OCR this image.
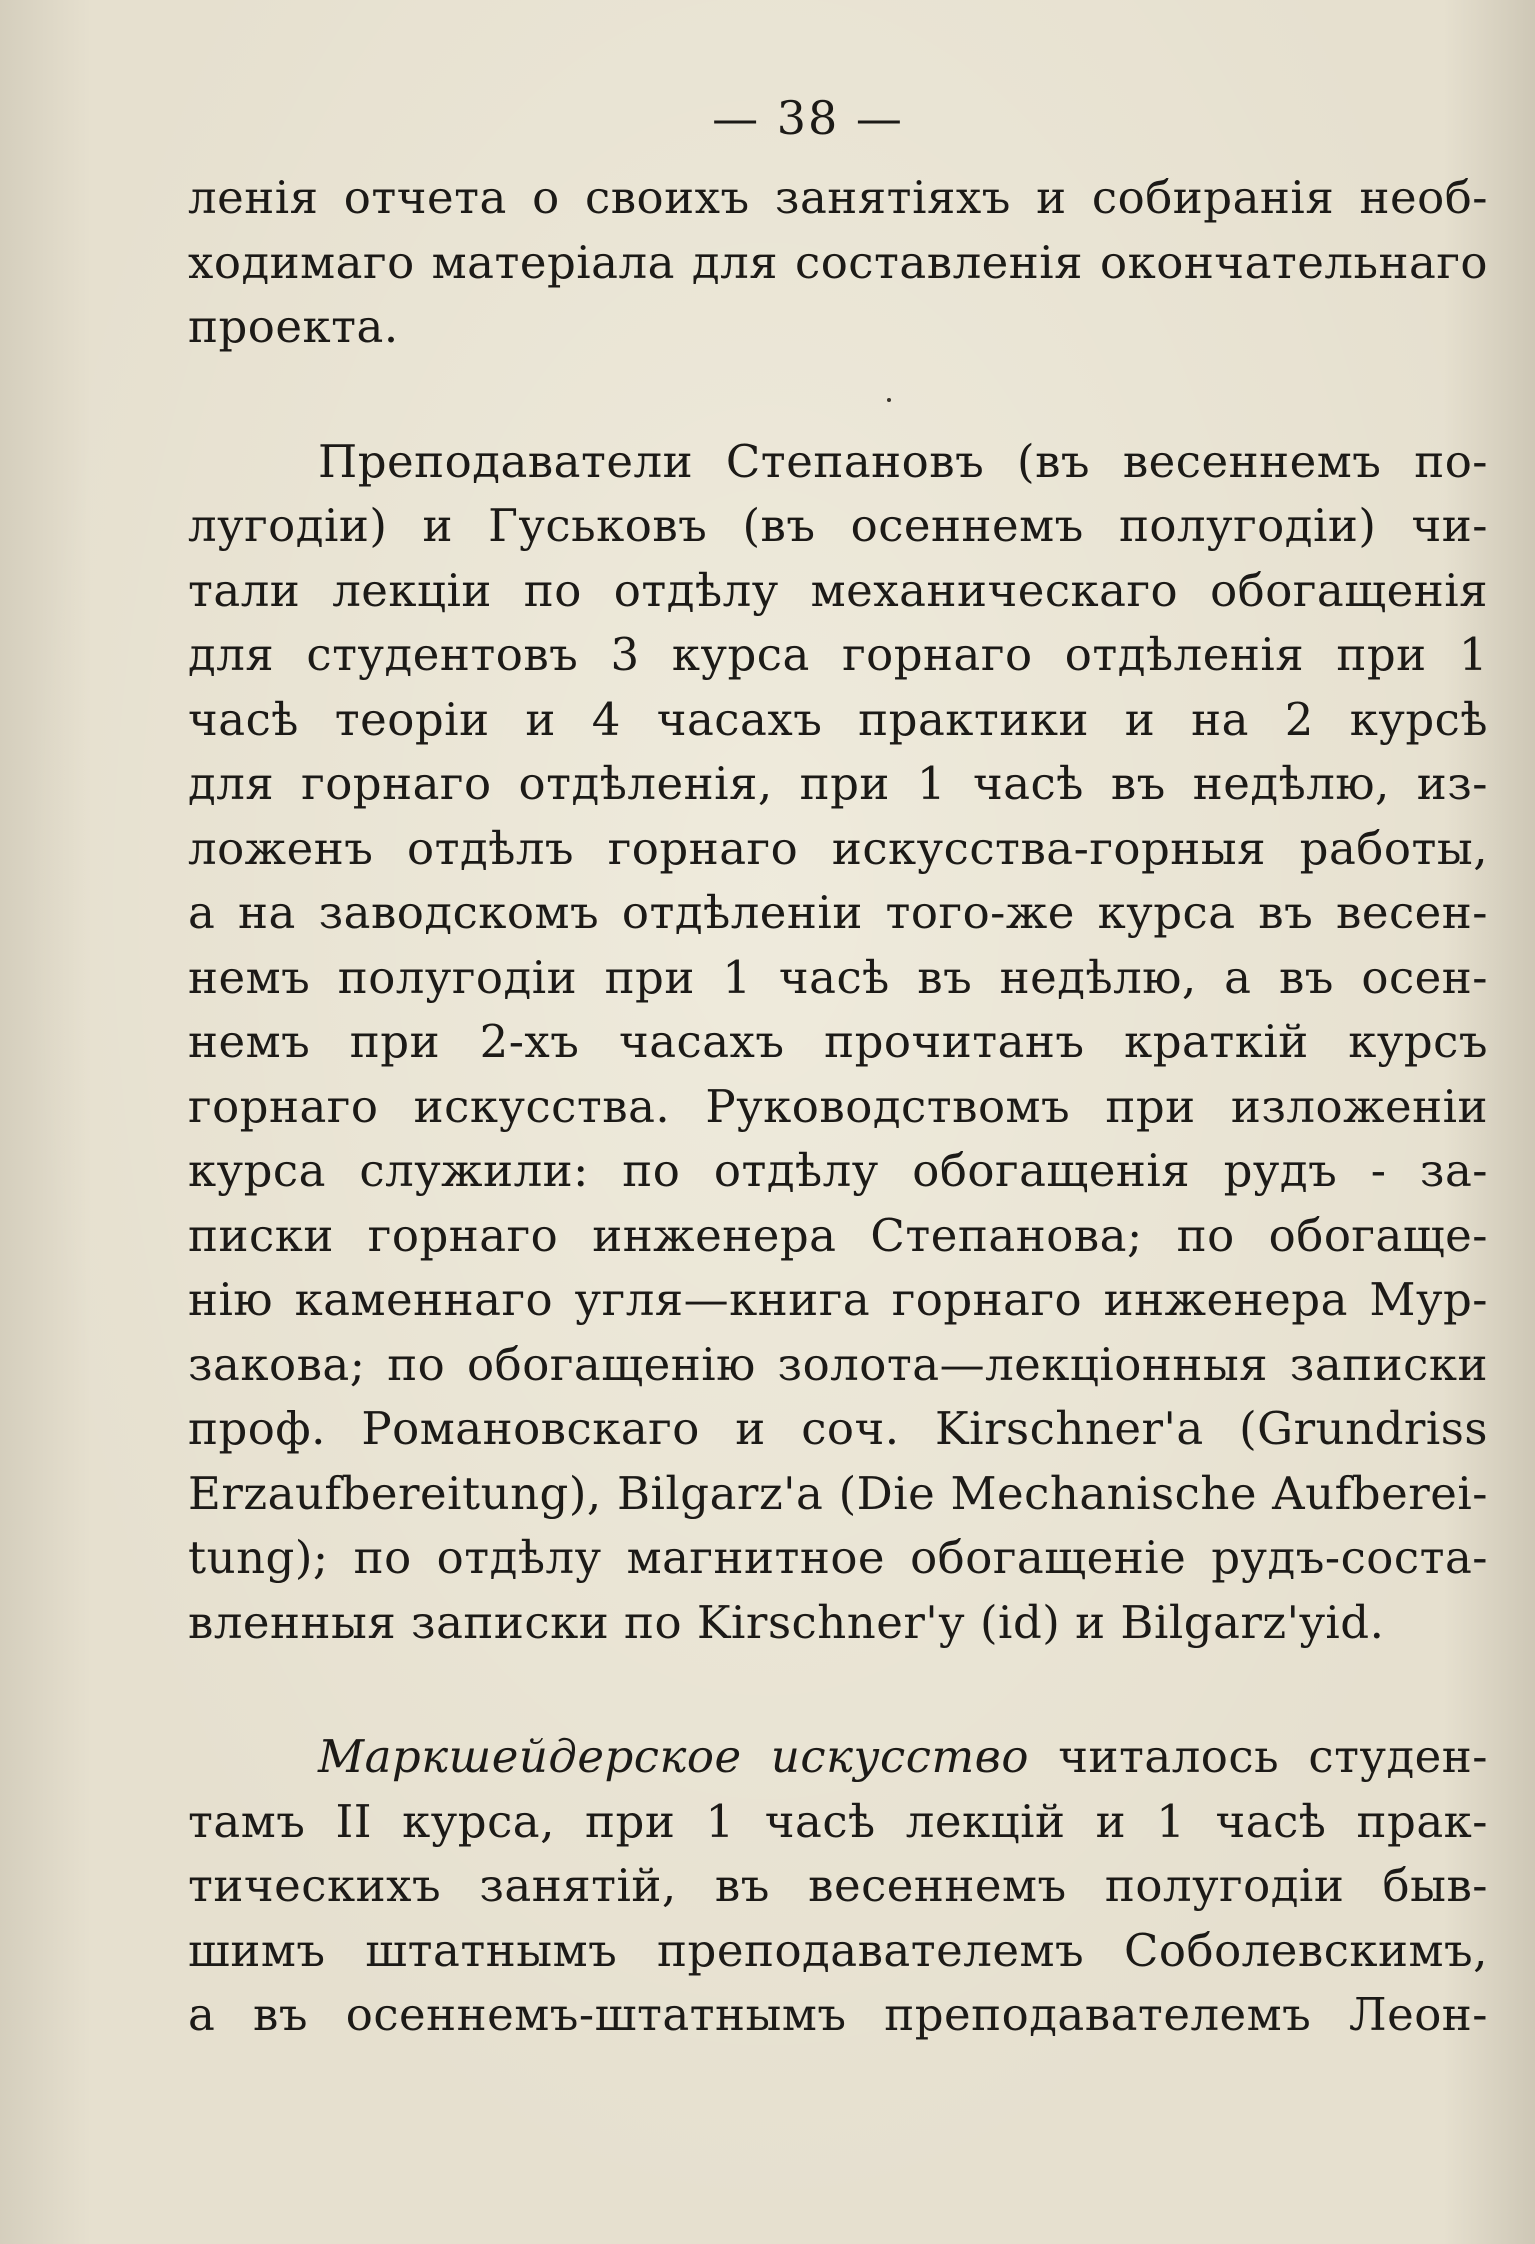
— 38 —
ленія отчета о своихъ занятіяхъ и собиранія необ-
ходимаго матеріала для составленія окончательнаго
проекта.
Преподаватели Степановъ (въ весеннемъ по-
лугодіи) и Гуськовъ (въ осеннемъ полугодіи) чи-
тали лекціи по отдѣлу механическаго обогащенія
для студентовъ 3 курса горнаго отдѣленія при 1
часѣ теоріи и 4 часахъ практики и на 2 курсѣ
для горнаго отдѣленія, при 1 часѣ въ недѣлю, из-
ложенъ отдѣлъ горнаго искусства-горныя работы,
а на заводскомъ отдѣленіи того-же курса въ весен-
немъ полугодіи при 1 часѣ въ недѣлю, а въ осен-
немъ при 2-хъ часахъ прочитанъ краткій курсъ
горнаго искусства. Руководствомъ при изложеніи
курса служили: по отдѣлу обогащенія рудъ - за-
писки горнаго инженера Степанова; по обогаще-
нію каменнаго угля—книга горнаго инженера Мур-
закова; по обогащенію золота—лекціонныя записки
проф. Романовскаго и соч. Kirschner'a (Grundriss
Erzaufbereitung), Bilgarz'a (Die Mechanische Aufberei-
tung); по отдѣлу магнитное обогащеніе рудъ-соста-
вленныя записки по Kirschner'у (id) и Bilgarz'yid.
Маркшейдерское искусство читалось студен-
тамъ II курса, при 1 часѣ лекцій и 1 часѣ прак-
тическихъ занятій, въ весеннемъ полугодіи быв-
шимъ штатнымъ преподавателемъ Соболевскимъ,
а въ осеннемъ-штатнымъ преподавателемъ Леон-
